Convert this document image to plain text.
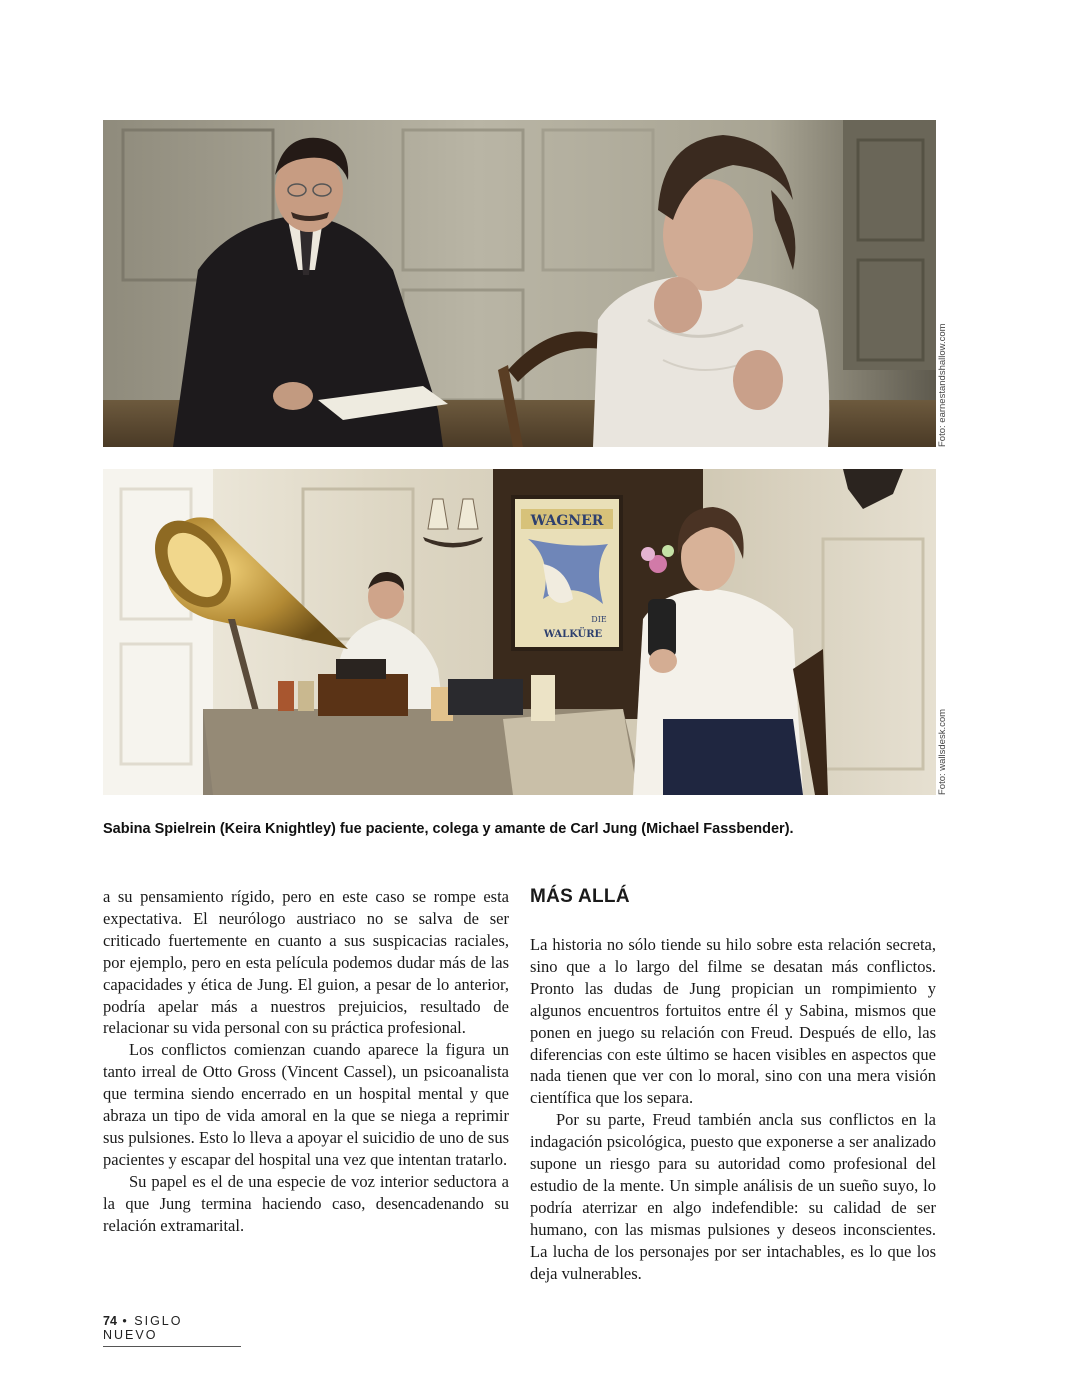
Foto: earnestandshallow.com
WAGNER
DIE
WALKÜRE
Foto: wallsdesk.com
Sabina Spielrein (Keira Knightley) fue paciente, colega y amante de Carl Jung (Michael Fassbender).

a su pensamiento rígido, pero en este caso se rompe esta expectativa. El neurólogo austriaco no se salva de ser criticado fuertemente en cuanto a sus suspicacias raciales, por ejemplo, pero en esta película podemos dudar más de las capacidades y ética de Jung. El guion, a pesar de lo anterior, podría apelar más a nuestros prejuicios, resultado de relacionar su vida personal con su práctica profesional.

Los conflictos comienzan cuando aparece la figura un tanto irreal de Otto Gross (Vincent Cassel), un psicoanalista que termina siendo encerrado en un hospital mental y que abraza un tipo de vida amoral en la que se niega a reprimir sus pulsiones. Esto lo lleva a apoyar el suicidio de uno de sus pacientes y escapar del hospital una vez que intentan tratarlo.

Su papel es el de una especie de voz interior seductora a la que Jung termina haciendo caso, desencadenando su relación extramarital.

MÁS ALLÁ

La historia no sólo tiende su hilo sobre esta relación secreta, sino que a lo largo del filme se desatan más conflictos. Pronto las dudas de Jung propician un rompimiento y algunos encuentros fortuitos entre él y Sabina, mismos que ponen en juego su relación con Freud. Después de ello, las diferencias con este último se hacen visibles en aspectos que nada tienen que ver con lo moral, sino con una mera visión científica que los separa.

Por su parte, Freud también ancla sus conflictos en la indagación psicológica, puesto que exponerse a ser analizado supone un riesgo para su autoridad como profesional del estudio de la mente. Un simple análisis de un sueño suyo, lo podría aterrizar en algo indefendible: su calidad de ser humano, con las mismas pulsiones y deseos inconscientes. La lucha de los personajes por ser intachables, es lo que los deja vulnerables.

74 • SIGLO NUEVO
